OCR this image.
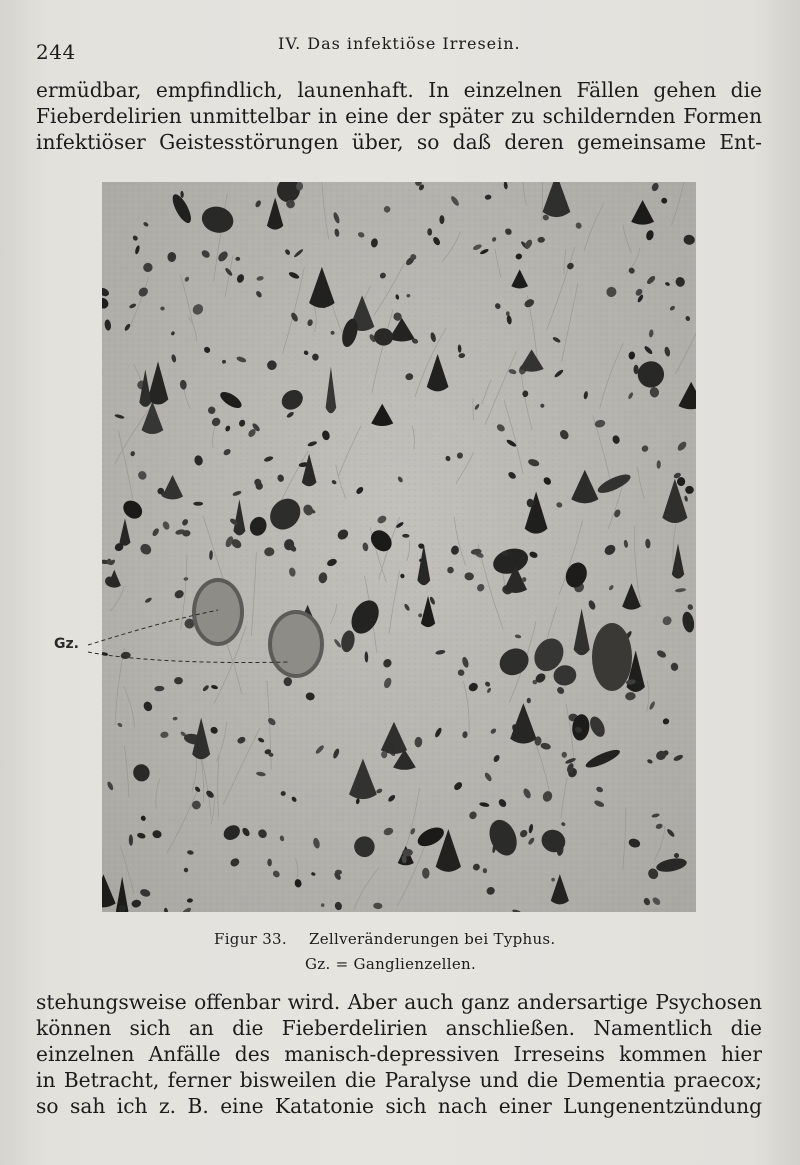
244	IV. Das infektiöse Irresein.

ermüdbar, empfindlich, launenhaft. In einzelnen Fällen gehen die
Fieberdelirien unmittelbar in eine der später zu schildernden Formen
infektiöser Geistesstörungen über, so daß deren gemeinsame Ent-

Gz.
Figur 33. Zellveränderungen bei Typhus.
Gz. = Ganglienzellen.

stehungsweise offenbar wird. Aber auch ganz andersartige Psychosen
können sich an die Fieberdelirien anschließen. Namentlich die
einzelnen Anfälle des manisch-depressiven Irreseins kommen hier
in Betracht, ferner bisweilen die Paralyse und die Dementia praecox;
so sah ich z. B. eine Katatonie sich nach einer Lungenentzündung
